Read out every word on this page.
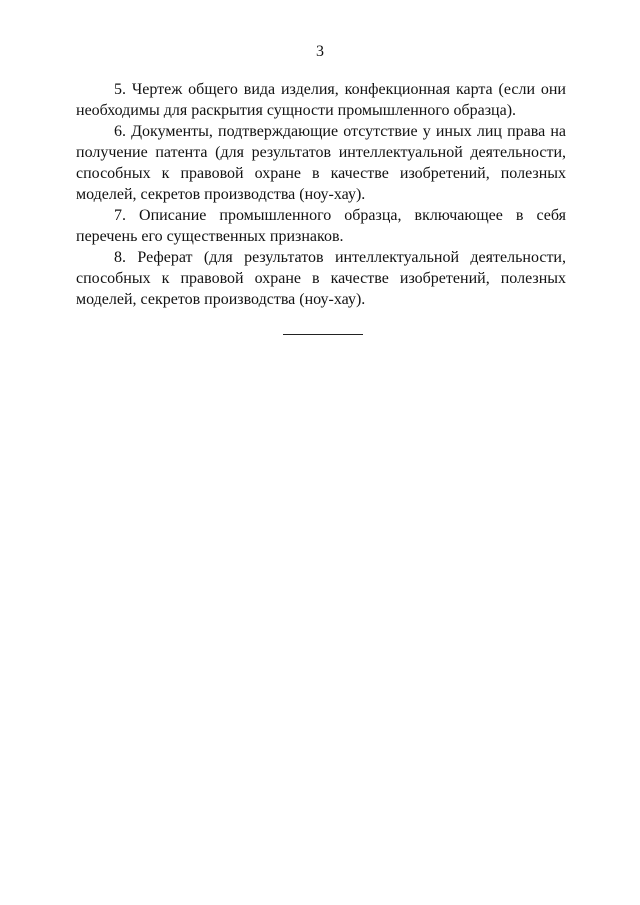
3

5. Чертеж общего вида изделия, конфекционная карта (если они необходимы для раскрытия сущности промышленного образца).

6. Документы, подтверждающие отсутствие у иных лиц права на получение патента (для результатов интеллектуальной деятельности, способных к правовой охране в качестве изобретений, полезных моделей, секретов производства (ноу-хау).

7. Описание промышленного образца, включающее в себя перечень его существенных признаков.

8. Реферат (для результатов интеллектуальной деятельности, способных к правовой охране в качестве изобретений, полезных моделей, секретов производства (ноу-хау).
